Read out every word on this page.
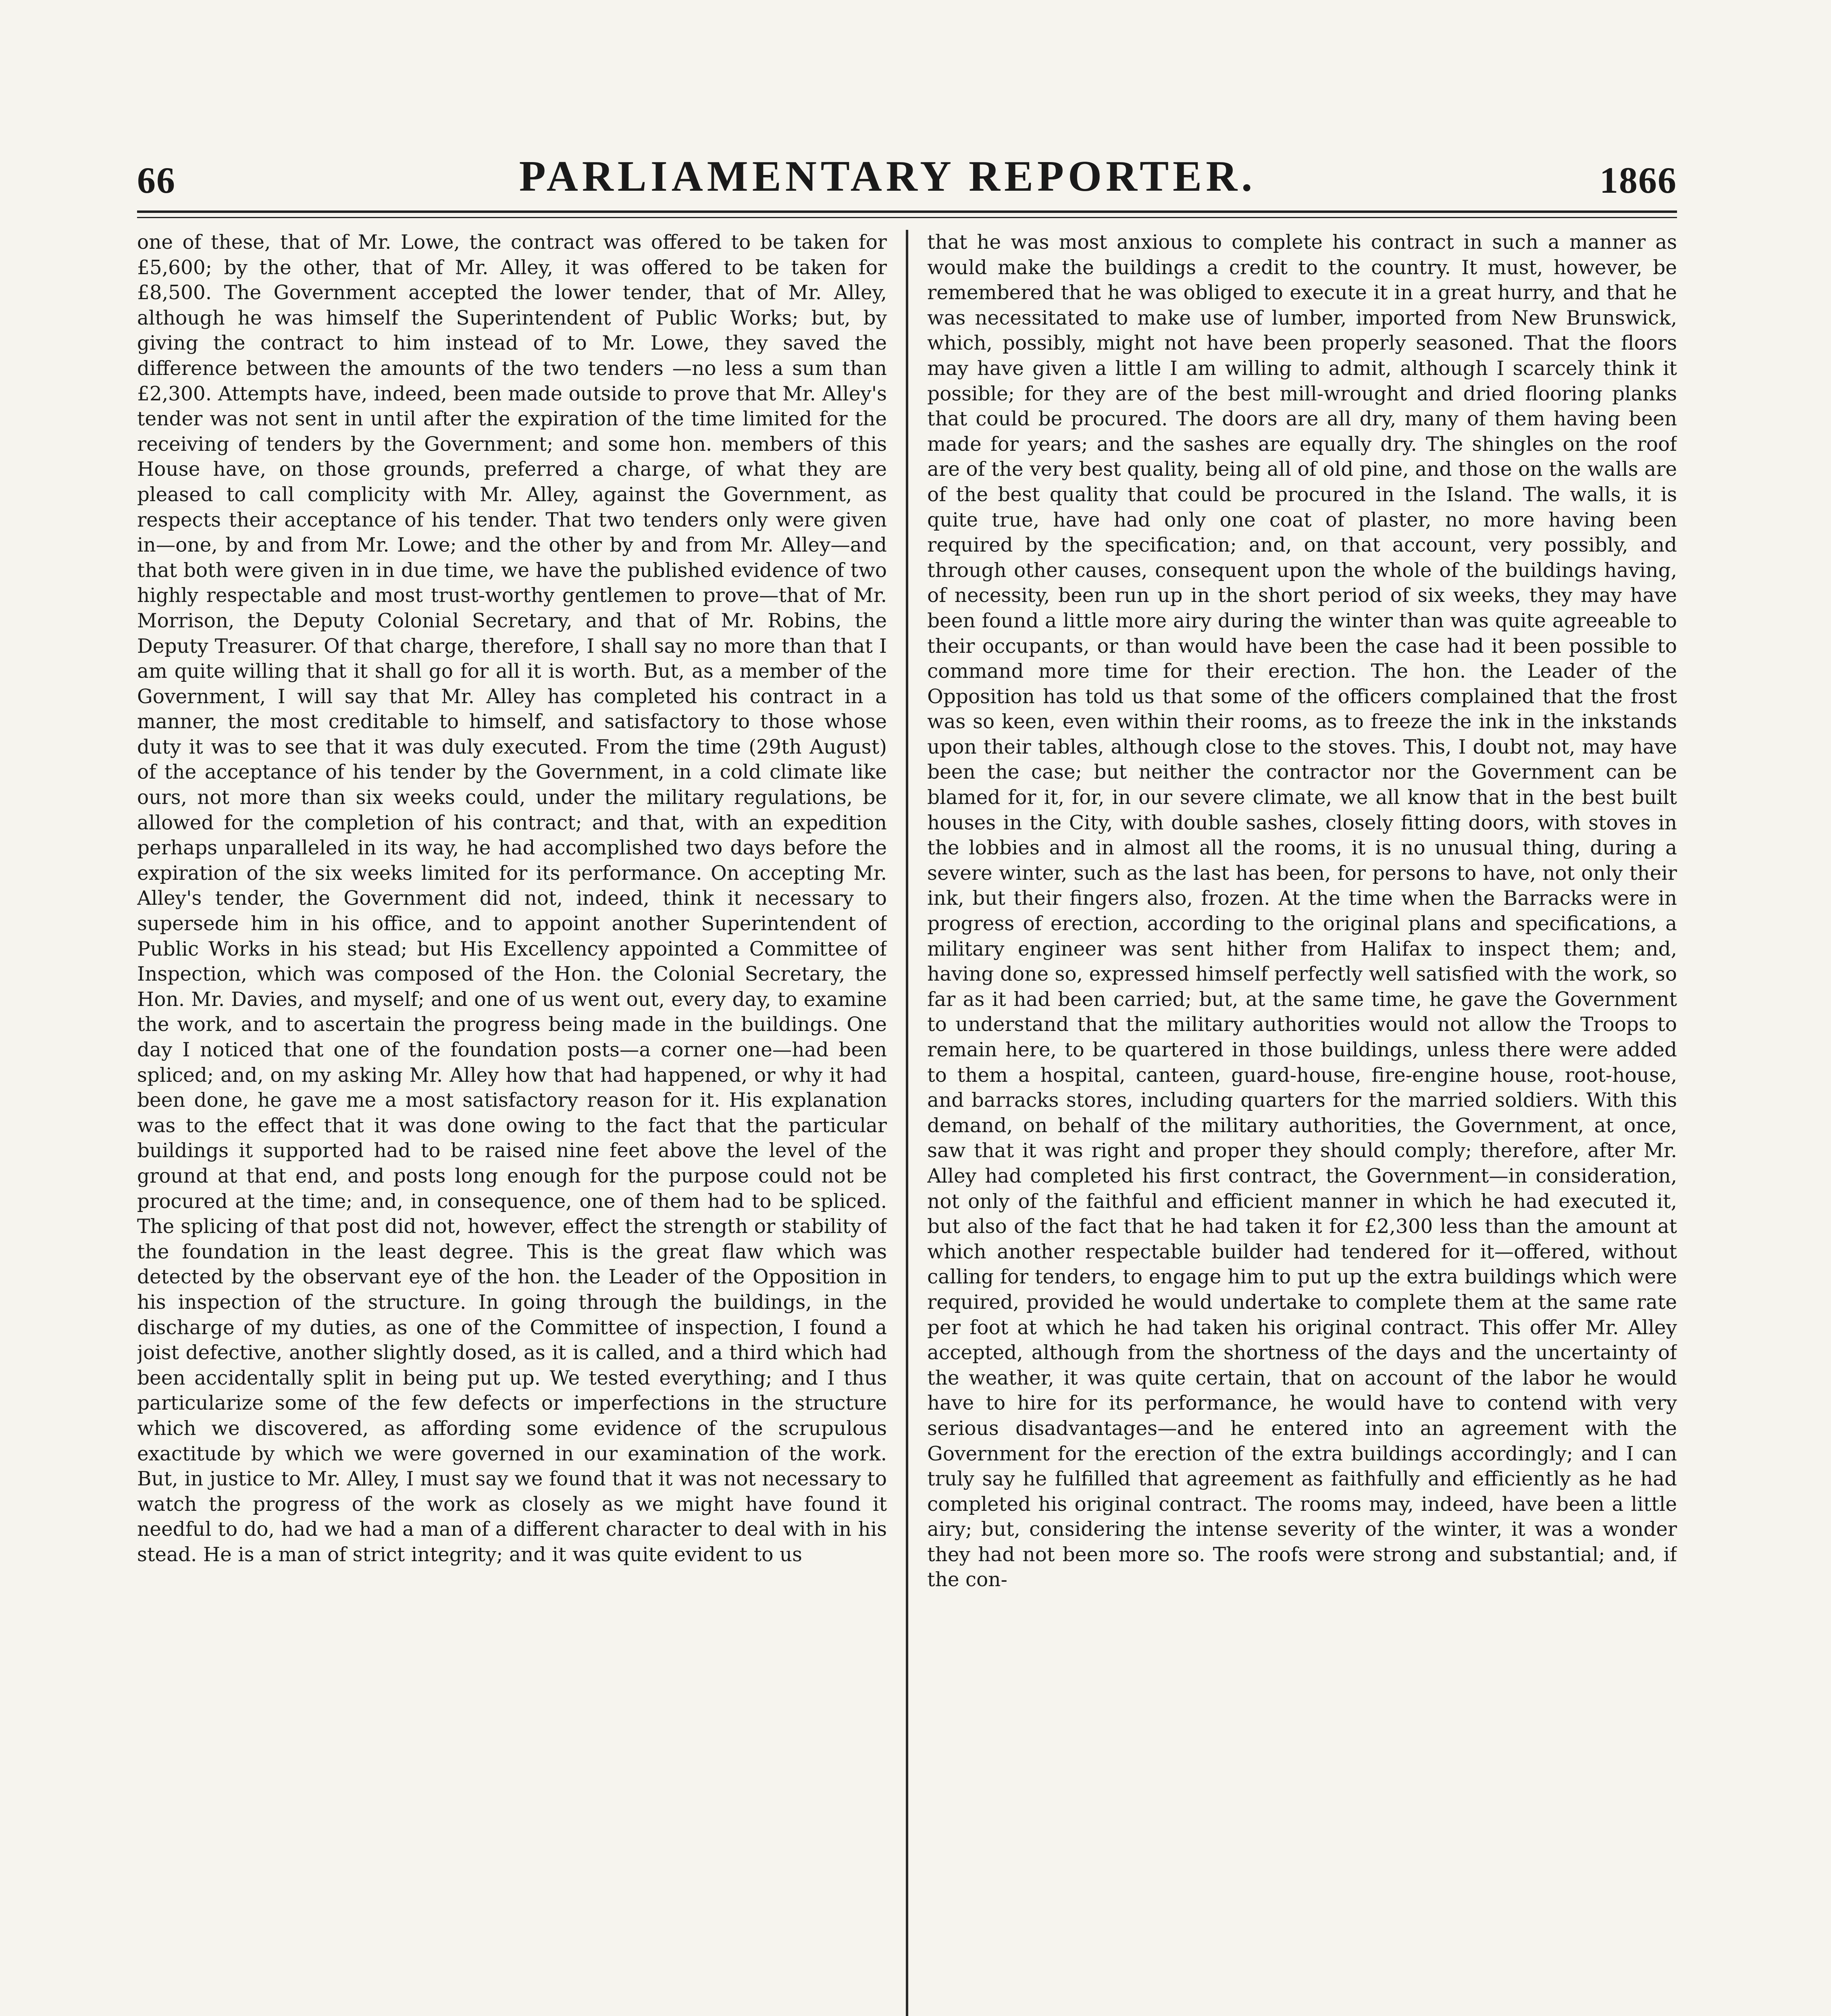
66	PARLIAMENTARY REPORTER.	1866

one of these, that of Mr. Lowe, the contract was offered to be taken for £5,600; by the other, that of Mr. Alley, it was offered to be taken for £8,500. The Government accepted the lower tender, that of Mr. Alley, although he was himself the Superintendent of Public Works; but, by giving the contract to him instead of to Mr. Lowe, they saved the difference between the amounts of the two tenders —no less a sum than £2,300. Attempts have, indeed, been made outside to prove that Mr. Alley's tender was not sent in until after the expiration of the time limited for the receiving of tenders by the Government; and some hon. members of this House have, on those grounds, preferred a charge, of what they are pleased to call complicity with Mr. Alley, against the Government, as respects their acceptance of his tender. That two tenders only were given in—one, by and from Mr. Lowe; and the other by and from Mr. Alley—and that both were given in in due time, we have the published evidence of two highly respectable and most trust-worthy gentlemen to prove—that of Mr. Morrison, the Deputy Colonial Secretary, and that of Mr. Robins, the Deputy Treasurer. Of that charge, therefore, I shall say no more than that I am quite willing that it shall go for all it is worth. But, as a member of the Government, I will say that Mr. Alley has completed his contract in a manner, the most creditable to himself, and satisfactory to those whose duty it was to see that it was duly executed. From the time (29th August) of the acceptance of his tender by the Government, in a cold climate like ours, not more than six weeks could, under the military regulations, be allowed for the completion of his contract; and that, with an expedition perhaps unparalleled in its way, he had accomplished two days before the expiration of the six weeks limited for its performance. On accepting Mr. Alley's tender, the Government did not, indeed, think it necessary to supersede him in his office, and to appoint another Superintendent of Public Works in his stead; but His Excellency appointed a Committee of Inspection, which was composed of the Hon. the Colonial Secretary, the Hon. Mr. Davies, and myself; and one of us went out, every day, to examine the work, and to ascertain the progress being made in the buildings. One day I noticed that one of the foundation posts—a corner one—had been spliced; and, on my asking Mr. Alley how that had happened, or why it had been done, he gave me a most satisfactory reason for it. His explanation was to the effect that it was done owing to the fact that the particular buildings it supported had to be raised nine feet above the level of the ground at that end, and posts long enough for the purpose could not be procured at the time; and, in consequence, one of them had to be spliced. The splicing of that post did not, however, effect the strength or stability of the foundation in the least degree. This is the great flaw which was detected by the observant eye of the hon. the Leader of the Opposition in his inspection of the structure. In going through the buildings, in the discharge of my duties, as one of the Committee of inspection, I found a joist defective, another slightly dosed, as it is called, and a third which had been accidentally split in being put up. We tested everything; and I thus particularize some of the few defects or imperfections in the structure which we discovered, as affording some evidence of the scrupulous exactitude by which we were governed in our examination of the work. But, in justice to Mr. Alley, I must say we found that it was not necessary to watch the progress of the work as closely as we might have found it needful to do, had we had a man of a different character to deal with in his stead. He is a man of strict integrity; and it was quite evident to us

that he was most anxious to complete his contract in such a manner as would make the buildings a credit to the country. It must, however, be remembered that he was obliged to execute it in a great hurry, and that he was necessitated to make use of lumber, imported from New Brunswick, which, possibly, might not have been properly seasoned. That the floors may have given a little I am willing to admit, although I scarcely think it possible; for they are of the best mill-wrought and dried flooring planks that could be procured. The doors are all dry, many of them having been made for years; and the sashes are equally dry. The shingles on the roof are of the very best quality, being all of old pine, and those on the walls are of the best quality that could be procured in the Island. The walls, it is quite true, have had only one coat of plaster, no more having been required by the specification; and, on that account, very possibly, and through other causes, consequent upon the whole of the buildings having, of necessity, been run up in the short period of six weeks, they may have been found a little more airy during the winter than was quite agreeable to their occupants, or than would have been the case had it been possible to command more time for their erection. The hon. the Leader of the Opposition has told us that some of the officers complained that the frost was so keen, even within their rooms, as to freeze the ink in the inkstands upon their tables, although close to the stoves. This, I doubt not, may have been the case; but neither the contractor nor the Government can be blamed for it, for, in our severe climate, we all know that in the best built houses in the City, with double sashes, closely fitting doors, with stoves in the lobbies and in almost all the rooms, it is no unusual thing, during a severe winter, such as the last has been, for persons to have, not only their ink, but their fingers also, frozen. At the time when the Barracks were in progress of erection, according to the original plans and specifications, a military engineer was sent hither from Halifax to inspect them; and, having done so, expressed himself perfectly well satisfied with the work, so far as it had been carried; but, at the same time, he gave the Government to understand that the military authorities would not allow the Troops to remain here, to be quartered in those buildings, unless there were added to them a hospital, canteen, guard-house, fire-engine house, root-house, and barracks stores, including quarters for the married soldiers. With this demand, on behalf of the military authorities, the Government, at once, saw that it was right and proper they should comply; therefore, after Mr. Alley had completed his first contract, the Government—in consideration, not only of the faithful and efficient manner in which he had executed it, but also of the fact that he had taken it for £2,300 less than the amount at which another respectable builder had tendered for it—offered, without calling for tenders, to engage him to put up the extra buildings which were required, provided he would undertake to complete them at the same rate per foot at which he had taken his original contract. This offer Mr. Alley accepted, although from the shortness of the days and the uncertainty of the weather, it was quite certain, that on account of the labor he would have to hire for its performance, he would have to contend with very serious disadvantages—and he entered into an agreement with the Government for the erection of the extra buildings accordingly; and I can truly say he fulfilled that agreement as faithfully and efficiently as he had completed his original contract. The rooms may, indeed, have been a little airy; but, considering the intense severity of the winter, it was a wonder they had not been more so. The roofs were strong and substantial; and, if the con-
